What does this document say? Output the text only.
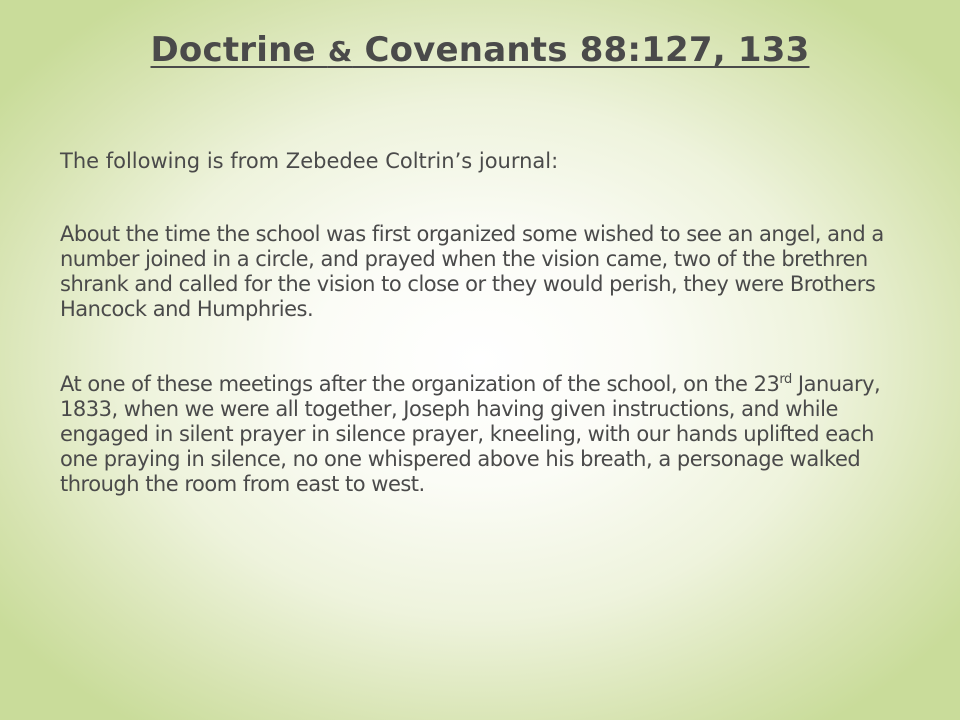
Doctrine & Covenants 88:127, 133

The following is from Zebedee Coltrin’s journal:

About the time the school was first organized some wished to see an angel, and a number joined in a circle, and prayed when the vision came, two of the brethren shrank and called for the vision to close or they would perish, they were Brothers Hancock and Humphries.

At one of these meetings after the organization of the school, on the 23rd January, 1833, when we were all together, Joseph having given instructions, and while engaged in silent prayer in silence prayer, kneeling, with our hands uplifted each one praying in silence, no one whispered above his breath, a personage walked through the room from east to west.
